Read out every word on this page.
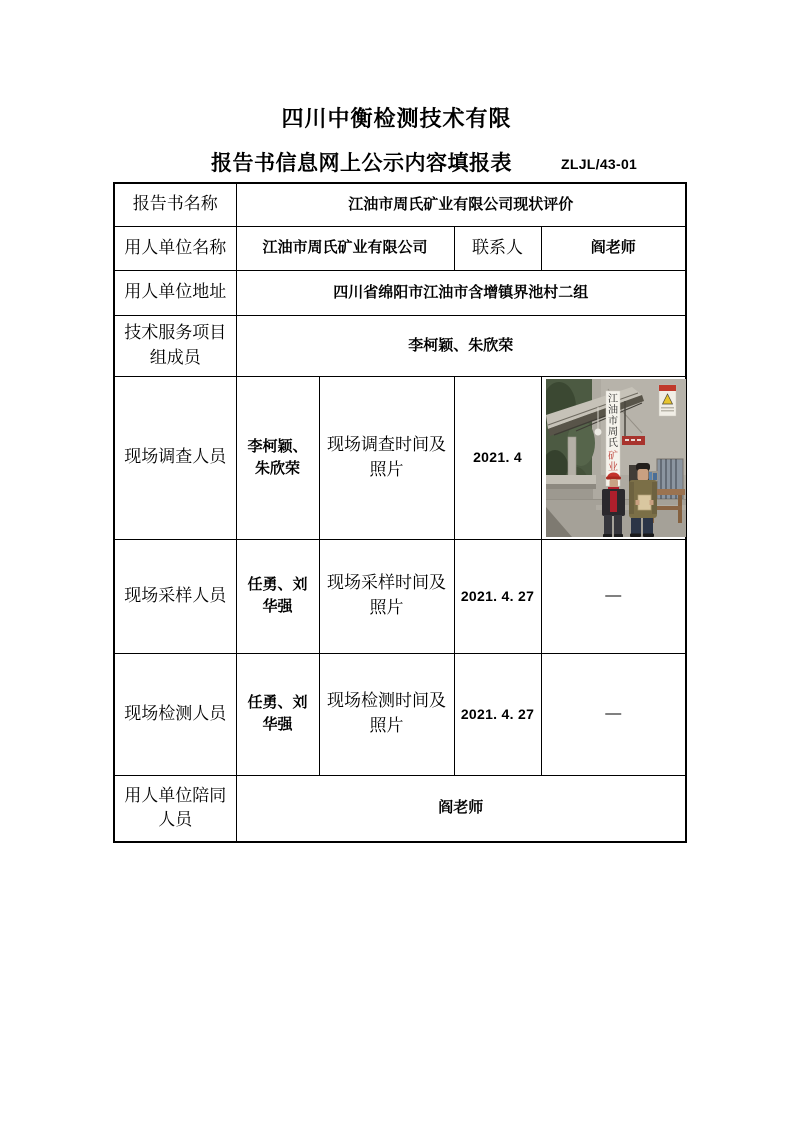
四川中衡检测技术有限
报告书信息网上公示内容填报表	ZLJL/43-01
报告书名称	江油市周氏矿业有限公司现状评价			
用人单位名称	江油市周氏矿业有限公司		联系人	阎老师
用人单位地址	四川省绵阳市江油市含增镇界池村二组			
技术服务项目组成员	李柯颖、朱欣荣			
现场调查人员	李柯颖、朱欣荣	现场调查时间及照片	2021. 4	江油市周氏
矿业

现场采样人员	任勇、刘华强	现场采样时间及照片	2021. 4. 27	—
现场检测人员	任勇、刘华强	现场检测时间及照片	2021. 4. 27	—
用人单位陪同人员	阎老师			
